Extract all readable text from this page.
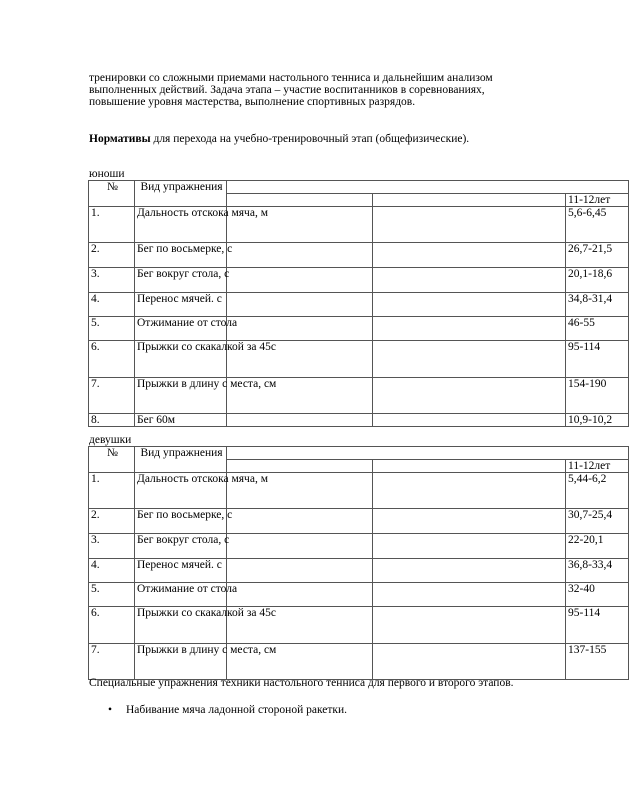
тренировки со сложными приемами настольного тенниса и дальнейшим анализом выполненных действий. Задача этапа – участие воспитанников в соревнованиях, повышение уровня мастерства, выполнение спортивных разрядов.

Нормативы для перехода на учебно-тренировочный этап (общефизические).

юноши
№	Вид упражнения			
				11-12лет
1.	Дальность отскока мяча, м			5,6-6,45
2.	Бег по восьмерке, с			26,7-21,5
3.	Бег вокруг стола, с			20,1-18,6
4.	Перенос мячей. с			34,8-31,4
5.	Отжимание от стола			46-55
6.	Прыжки со скакалкой за 45с			95-114
7.	Прыжки в длину с места, см			154-190
8.	Бег 60м			10,9-10,2
девушки
№	Вид упражнения			
				11-12лет
1.	Дальность отскока мяча, м			5,44-6,2
2.	Бег по восьмерке, с			30,7-25,4
3.	Бег вокруг стола, с			22-20,1
4.	Перенос мячей. с			36,8-33,4
5.	Отжимание от стола			32-40
6.	Прыжки со скакалкой за 45с			95-114
7.	Прыжки в длину с места, см			137-155

Специальные упражнения техники настольного тенниса для первого и второго этапов.

• Набивание мяча ладонной стороной ракетки.
